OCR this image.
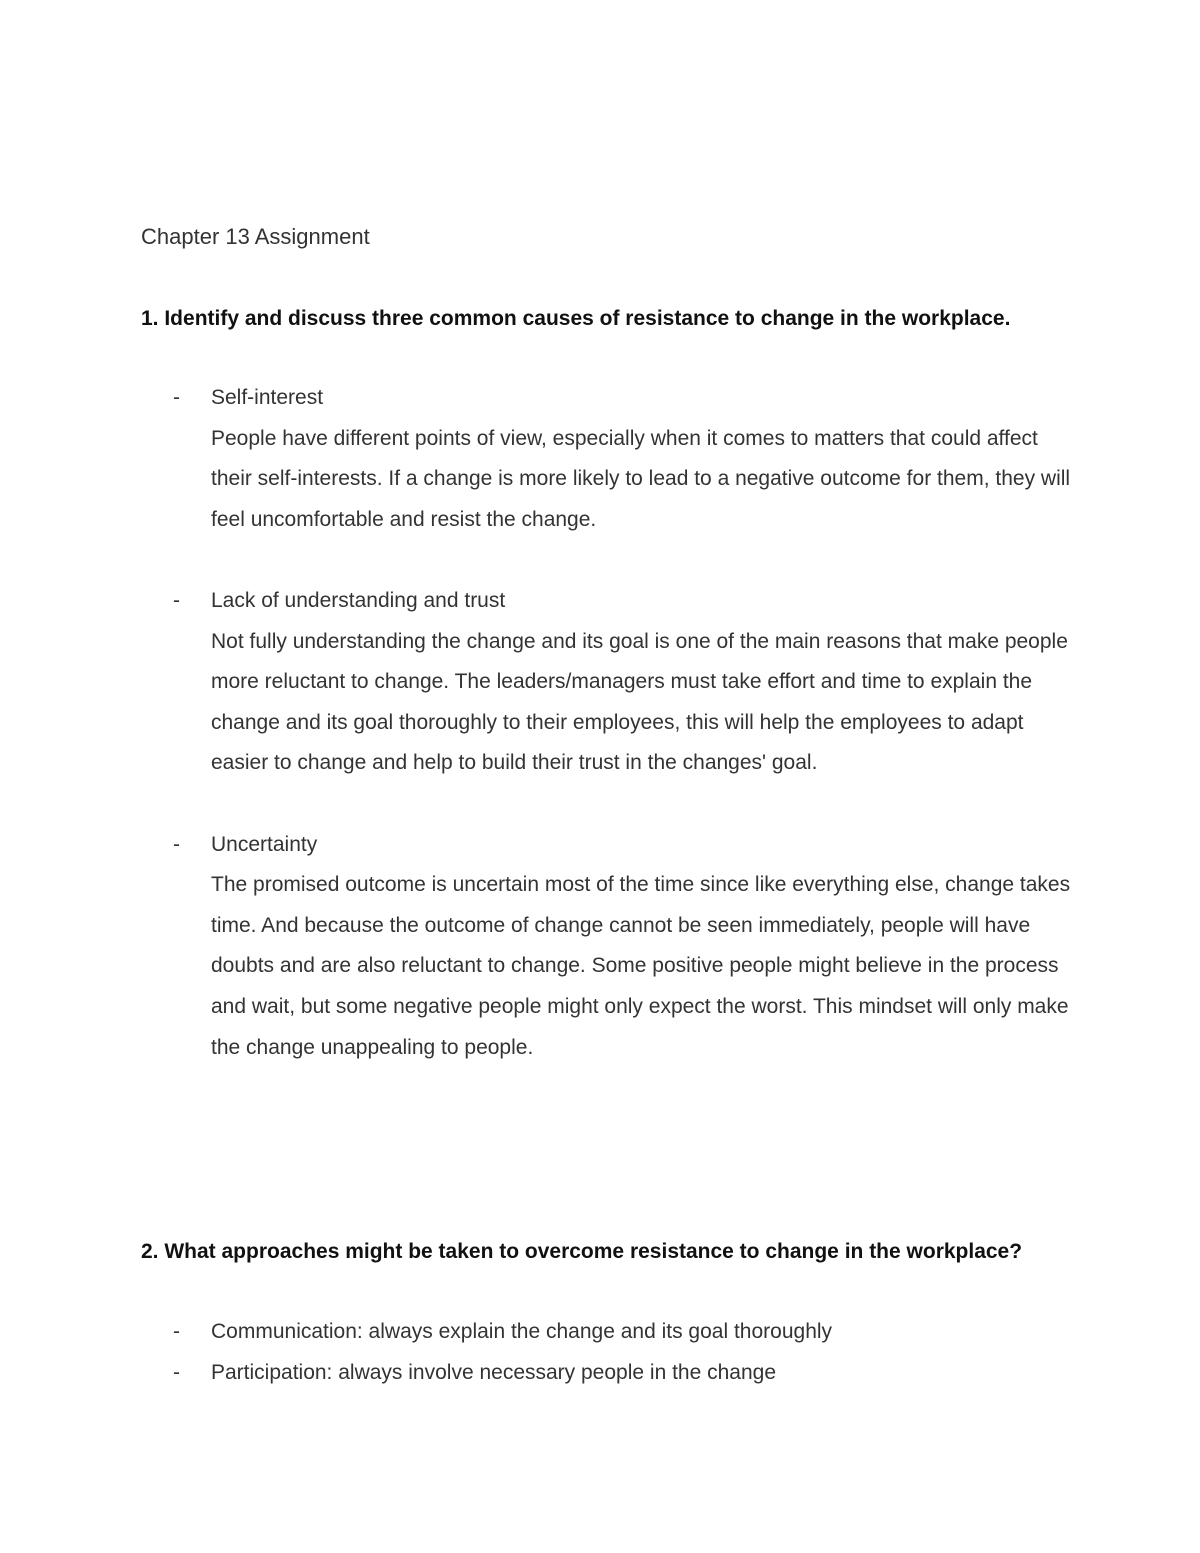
Chapter 13 Assignment

1. Identify and discuss three common causes of resistance to change in the workplace.

- Self-interest
People have different points of view, especially when it comes to matters that could affect their self-interests. If a change is more likely to lead to a negative outcome for them, they will feel uncomfortable and resist the change.
- Lack of understanding and trust
Not fully understanding the change and its goal is one of the main reasons that make people more reluctant to change. The leaders/managers must take effort and time to explain the change and its goal thoroughly to their employees, this will help the employees to adapt easier to change and help to build their trust in the changes' goal.
- Uncertainty
The promised outcome is uncertain most of the time since like everything else, change takes time. And because the outcome of change cannot be seen immediately, people will have doubts and are also reluctant to change. Some positive people might believe in the process and wait, but some negative people might only expect the worst. This mindset will only make the change unappealing to people.

2. What approaches might be taken to overcome resistance to change in the workplace?

- Communication: always explain the change and its goal thoroughly
- Participation: always involve necessary people in the change
